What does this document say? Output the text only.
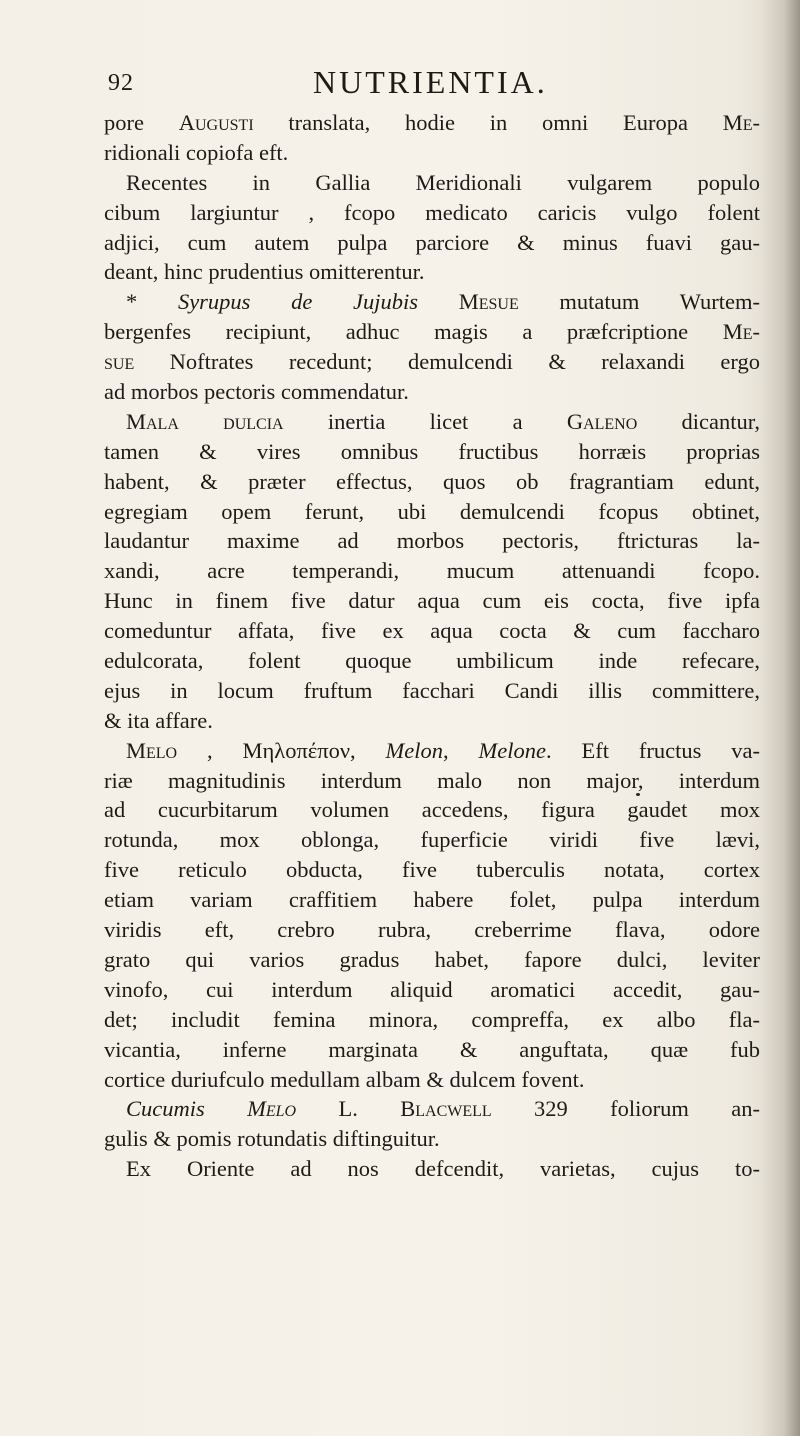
92	NUTRIENTIA.
pore Augusti translata, hodie in omni Europa Me-
ridionali copiofa eft.
Recentes in Gallia Meridionali vulgarem populo
cibum largiuntur , fcopo medicato caricis vulgo folent
adjici, cum autem pulpa parciore & minus fuavi gau-
deant, hinc prudentius omitterentur.
* Syrupus de Jujubis Mesue mutatum Wurtem-
bergenfes recipiunt, adhuc magis a præfcriptione Me-
sue Noftrates recedunt; demulcendi & relaxandi ergo
ad morbos pectoris commendatur.
Mala dulcia inertia licet a Galeno dicantur,
tamen & vires omnibus fructibus horræis proprias
habent, & præter effectus, quos ob fragrantiam edunt,
egregiam opem ferunt, ubi demulcendi fcopus obtinet,
laudantur maxime ad morbos pectoris, ftricturas la-
xandi, acre temperandi, mucum attenuandi fcopo.
Hunc in finem five datur aqua cum eis cocta, five ipfa
comeduntur affata, five ex aqua cocta & cum faccharo
edulcorata, folent quoque umbilicum inde refecare,
ejus in locum fruftum facchari Candi illis committere,
& ita affare.
Melo , Μηλοπέπον, Melon, Melone. Eft fructus va-
riæ magnitudinis interdum malo non major, interdum
ad cucurbitarum volumen accedens, figura gaudet mox
rotunda, mox oblonga, fuperficie viridi five lævi,
five reticulo obducta, five tuberculis notata, cortex
etiam variam craffitiem habere folet, pulpa interdum
viridis eft, crebro rubra, creberrime flava, odore
grato qui varios gradus habet, fapore dulci, leviter
vinofo, cui interdum aliquid aromatici accedit, gau-
det; includit femina minora, compreffa, ex albo fla-
vicantia, inferne marginata & anguftata, quæ fub
cortice duriufculo medullam albam & dulcem fovent.
Cucumis Melo L. Blacwell 329 foliorum an-
gulis & pomis rotundatis diftinguitur.
Ex Oriente ad nos defcendit, varietas, cujus to-
